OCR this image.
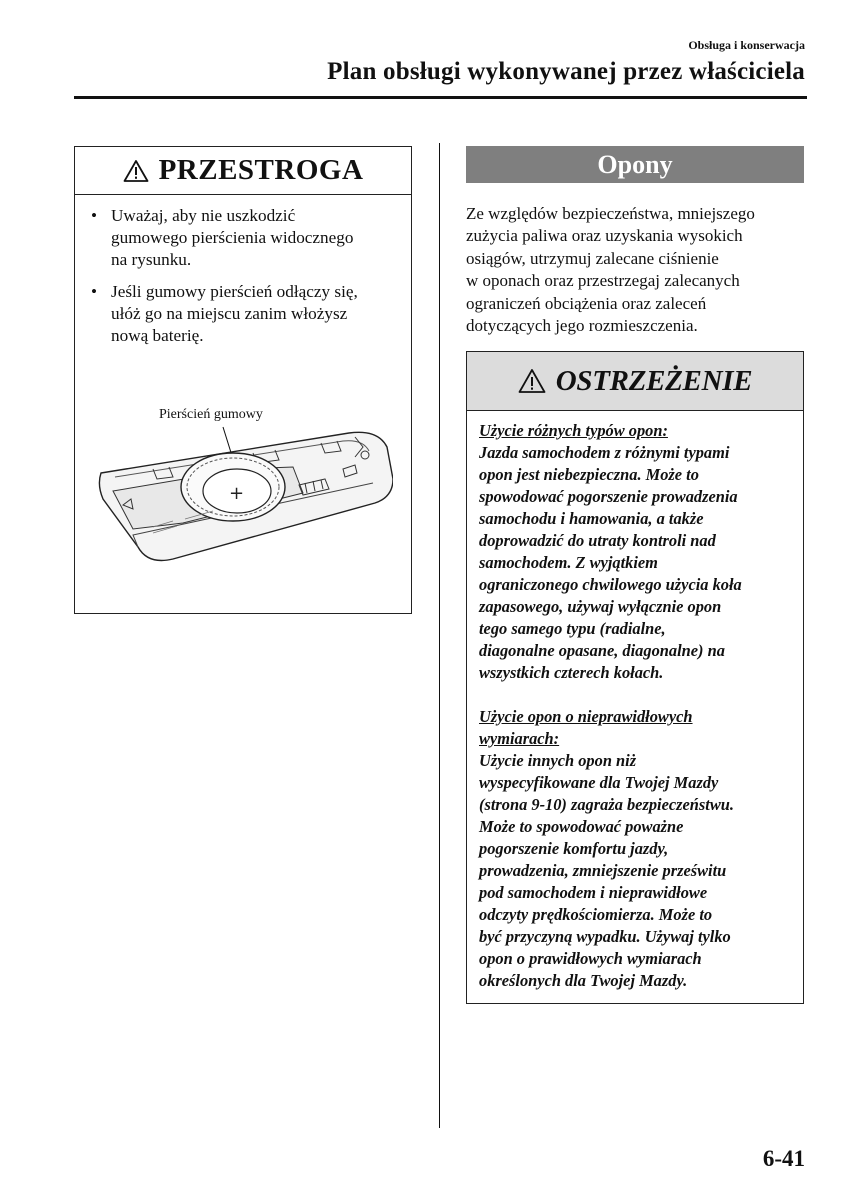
Obsługa i konserwacja
Plan obsługi wykonywanej przez właściciela
PRZESTROGA
• Uważaj, aby nie uszkodzić
gumowego pierścienia widocznego
na rysunku.
• Jeśli gumowy pierścień odłączy się,
ułóż go na miejscu zanim włożysz
nową baterię.
Pierścień gumowy
+
Opony
Ze względów bezpieczeństwa, mniejszego
zużycia paliwa oraz uzyskania wysokich
osiągów, utrzymuj zalecane ciśnienie
w oponach oraz przestrzegaj zalecanych
ograniczeń obciążenia oraz zaleceń
dotyczących jego rozmieszczenia.
OSTRZEŻENIE
Użycie różnych typów opon:
Jazda samochodem z różnymi typami
opon jest niebezpieczna. Może to
spowodować pogorszenie prowadzenia
samochodu i hamowania, a także
doprowadzić do utraty kontroli nad
samochodem. Z wyjątkiem
ograniczonego chwilowego użycia koła
zapasowego, używaj wyłącznie opon
tego samego typu (radialne,
diagonalne opasane, diagonalne) na
wszystkich czterech kołach.
Użycie opon o nieprawidłowych
wymiarach:
Użycie innych opon niż
wyspecyfikowane dla Twojej Mazdy
(strona 9-10) zagraża bezpieczeństwu.
Może to spowodować poważne
pogorszenie komfortu jazdy,
prowadzenia, zmniejszenie prześwitu
pod samochodem i nieprawidłowe
odczyty prędkościomierza. Może to
być przyczyną wypadku. Używaj tylko
opon o prawidłowych wymiarach
określonych dla Twojej Mazdy.
6-41
